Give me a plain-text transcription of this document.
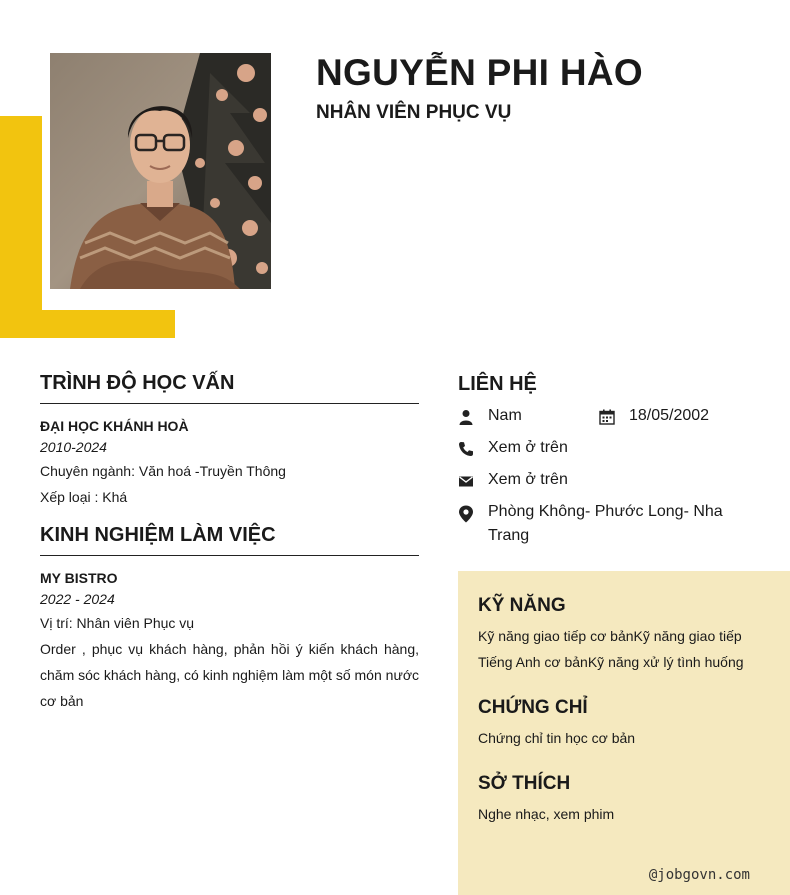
NGUYỄN PHI HÀO
NHÂN VIÊN PHỤC VỤ
TRÌNH ĐỘ HỌC VẤN
ĐẠI HỌC KHÁNH HOÀ
2010-2024
Chuyên ngành: Văn hoá -Truyền Thông
Xếp loại : Khá
KINH NGHIỆM LÀM VIỆC
MY BISTRO
2022 - 2024
Vị trí: Nhân viên Phục vụ
Order , phục vụ khách hàng, phản hồi ý kiến khách hàng, chăm sóc khách hàng, có kinh nghiệm làm một số món nước cơ bản
LIÊN HỆ
Nam	18/05/2002
Xem ở trên
Xem ở trên
Phòng Không- Phước Long- Nha Trang
KỸ NĂNG
Kỹ năng giao tiếp cơ bảnKỹ năng giao tiếp
Tiếng Anh cơ bảnKỹ năng xử lý tình huống
CHỨNG CHỈ
Chứng chỉ tin học cơ bản
SỞ THÍCH
Nghe nhạc, xem phim
@jobgovn.com
